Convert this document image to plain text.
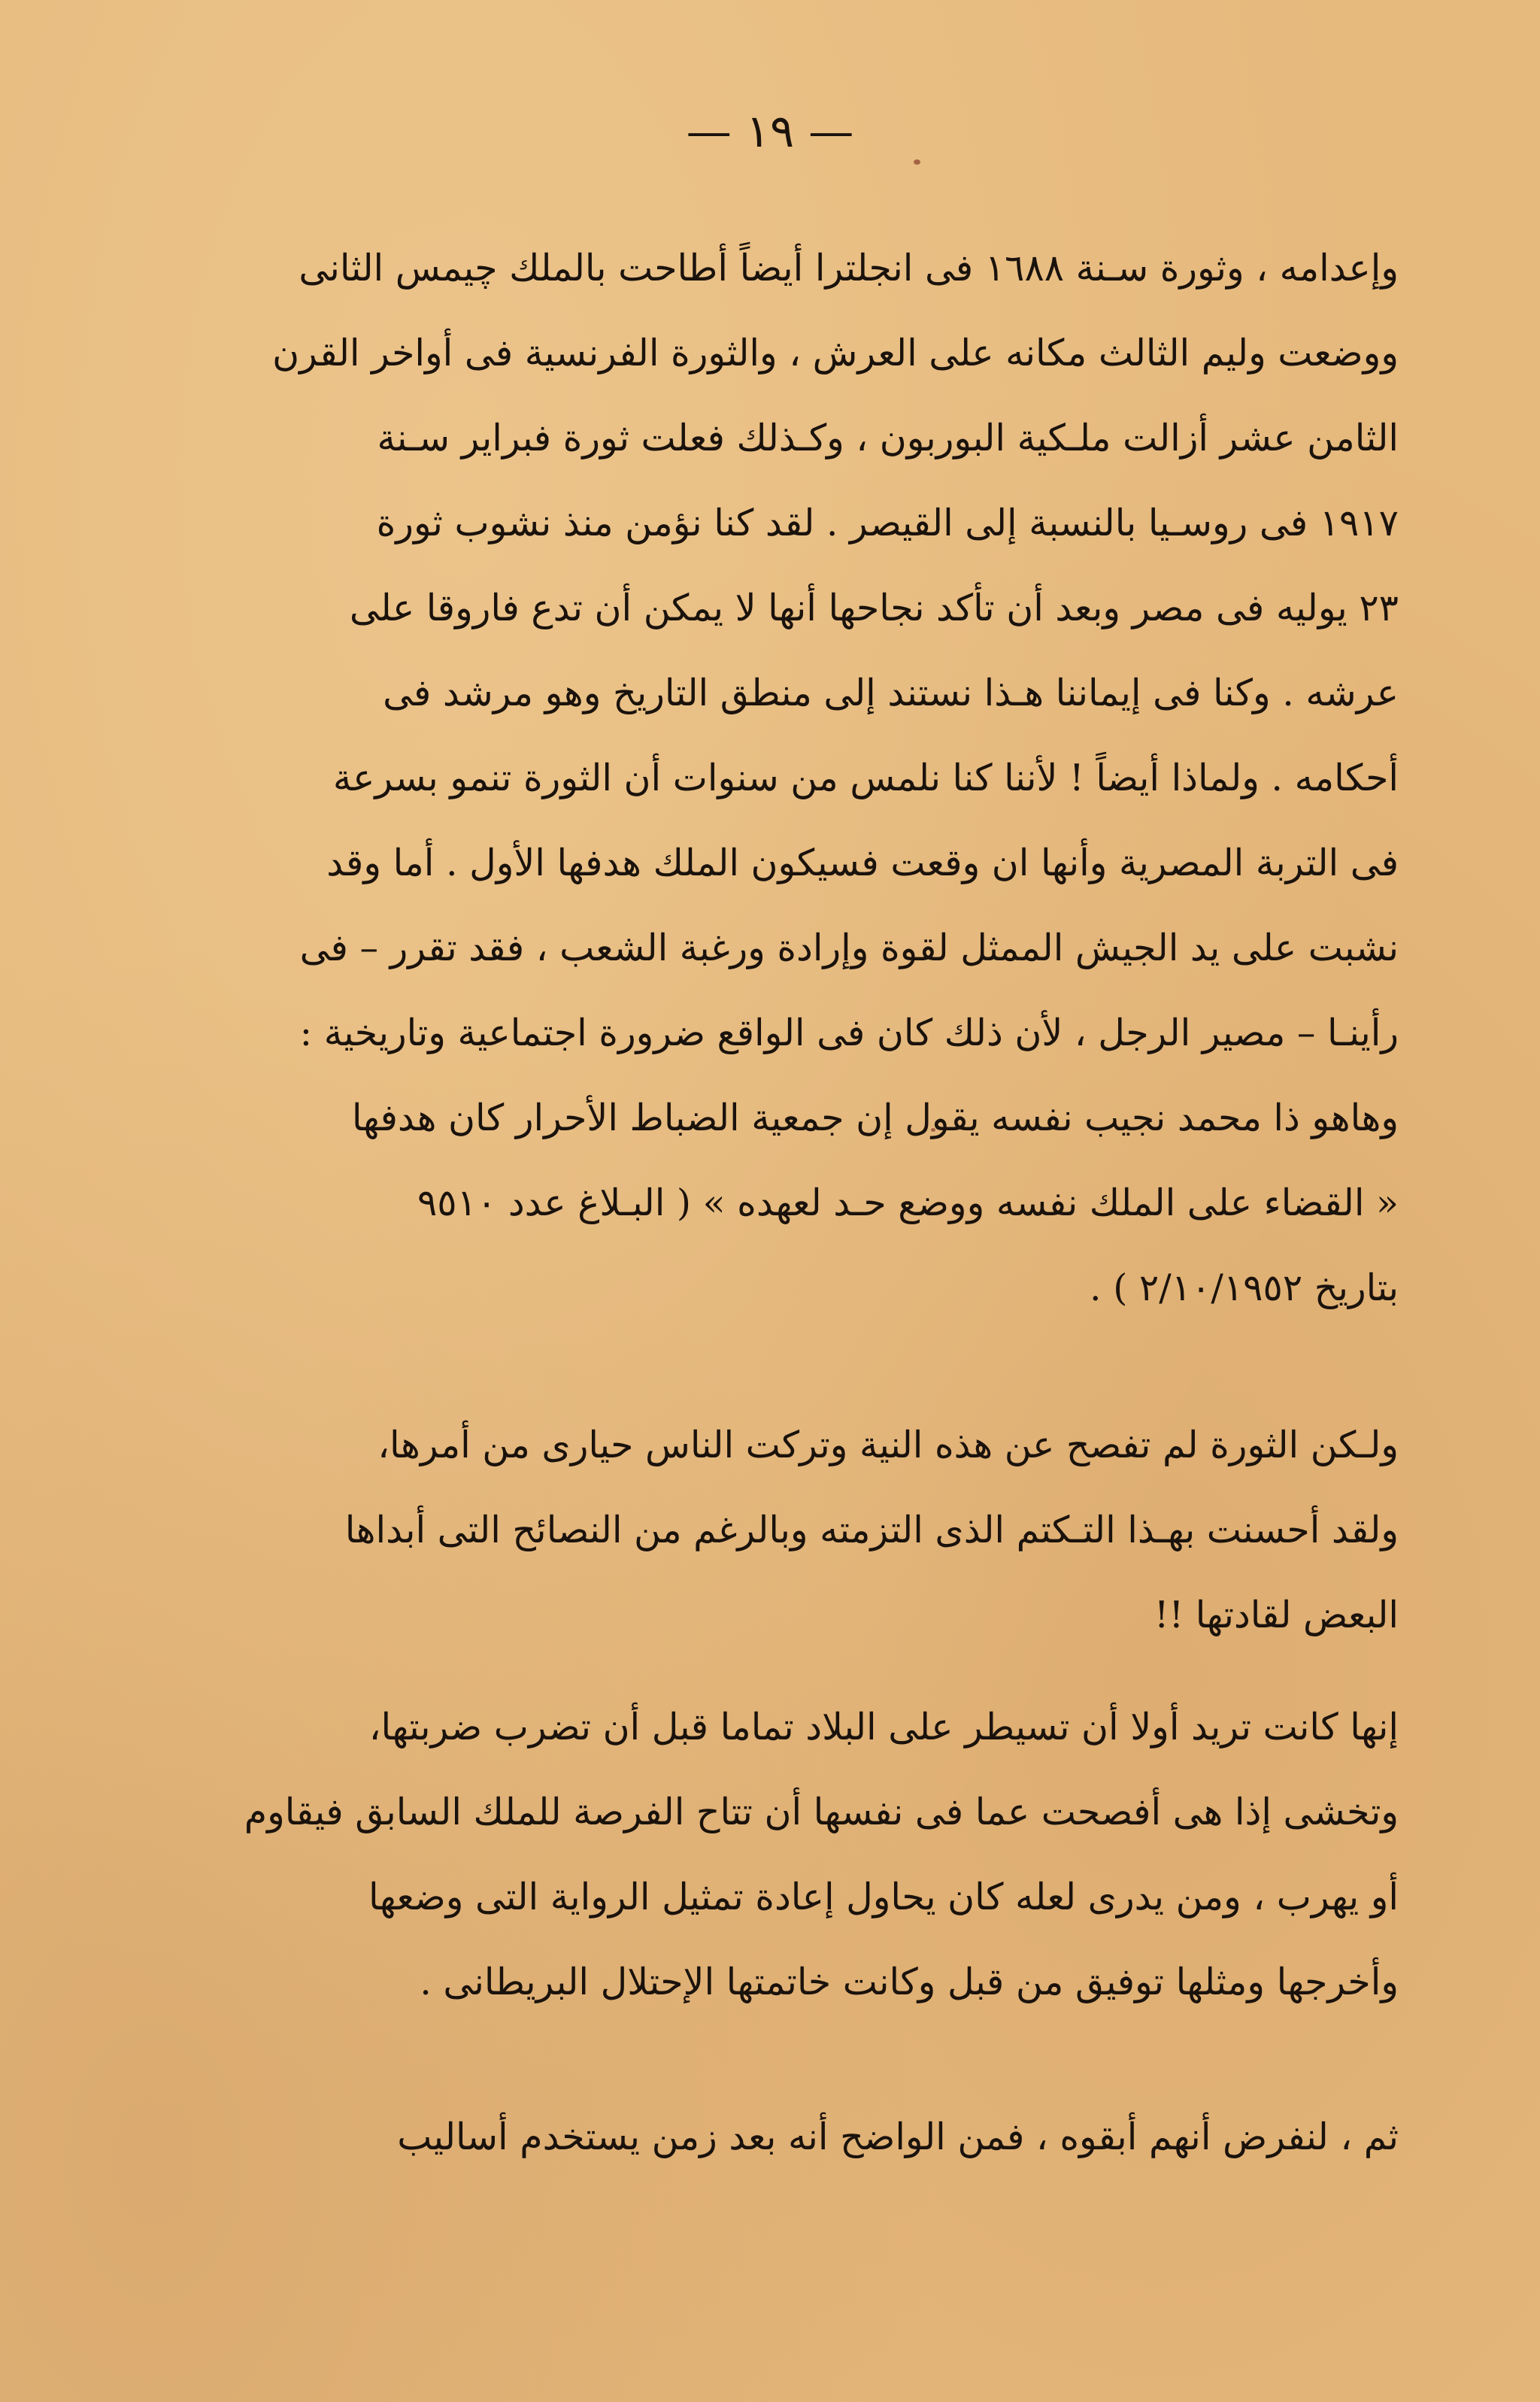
— ١٩ —
وإعدامه ، وثورة سـنة ١٦٨٨ فى انجلترا أيضاً أطاحت بالملك چيمس الثانى
ووضعت وليم الثالث مكانه على العرش ، والثورة الفرنسية فى أواخر القرن
الثامن عشر أزالت ملـكية البوربون ، وكـذلك فعلت ثورة فبراير سـنة
١٩١٧ فى روسـيا بالنسبة إلى القيصر . لقد كنا نؤمن منذ نشوب ثورة
٢٣ يوليه فى مصر وبعد أن تأكد نجاحها أنها لا يمكن أن تدع فاروقا على
عرشه . وكنا فى إيماننا هـذا نستند إلى منطق التاريخ وهو مرشد فى
أحكامه . ولماذا أيضاً ! لأننا كنا نلمس من سنوات أن الثورة تنمو بسرعة
فى التربة المصرية وأنها ان وقعت فسيكون الملك هدفها الأول . أما وقد
نشبت على يد الجيش الممثل لقوة وإرادة ورغبة الشعب ، فقد تقرر – فى
رأينـا – مصير الرجل ، لأن ذلك كان فى الواقع ضرورة اجتماعية وتاريخية :
وهاهو ذا محمد نجيب نفسه يقول إن جمعية الضباط الأحرار كان هدفها
« القضاء على الملك نفسه ووضع حـد لعهده » ( البـلاغ عدد ٩٥١٠
بتاريخ ٢/١٠/١٩٥٢ ) .
ولـكن الثورة لم تفصح عن هذه النية وتركت الناس حيارى من أمرها،
ولقد أحسنت بهـذا التـكتم الذى التزمته وبالرغم من النصائح التى أبداها
البعض لقادتها !!
إنها كانت تريد أولا أن تسيطر على البلاد تماما قبل أن تضرب ضربتها،
وتخشى إذا هى أفصحت عما فى نفسها أن تتاح الفرصة للملك السابق فيقاوم
أو يهرب ، ومن يدرى لعله كان يحاول إعادة تمثيل الرواية التى وضعها
وأخرجها ومثلها توفيق من قبل وكانت خاتمتها الإحتلال البريطانى .
ثم ، لنفرض أنهم أبقوه ، فمن الواضح أنه بعد زمن يستخدم أساليب
